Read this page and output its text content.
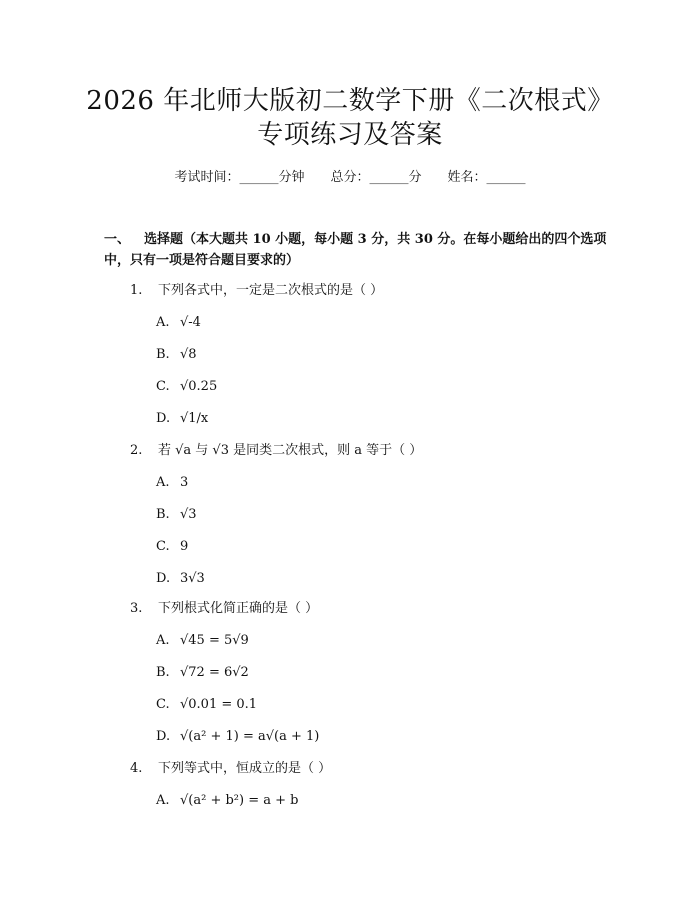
2026 年北师大版初二数学下册《二次根式》
专项练习及答案
考试时间：______分钟 总分：______分 姓名：______
一、 选择题（本大题共 10 小题，每小题 3 分，共 30 分。在每小题给出的四个选项中，只有一项是符合题目要求的）
1. 下列各式中，一定是二次根式的是（ ）
A. √-4
B. √8
C. √0.25
D. √1/x
2. 若 √a 与 √3 是同类二次根式，则 a 等于（ ）
A. 3
B. √3
C. 9
D. 3√3
3. 下列根式化简正确的是（ ）
A. √45 = 5√9
B. √72 = 6√2
C. √0.01 = 0.1
D. √(a² + 1) = a√(a + 1)
4. 下列等式中，恒成立的是（ ）
A. √(a² + b²) = a + b
